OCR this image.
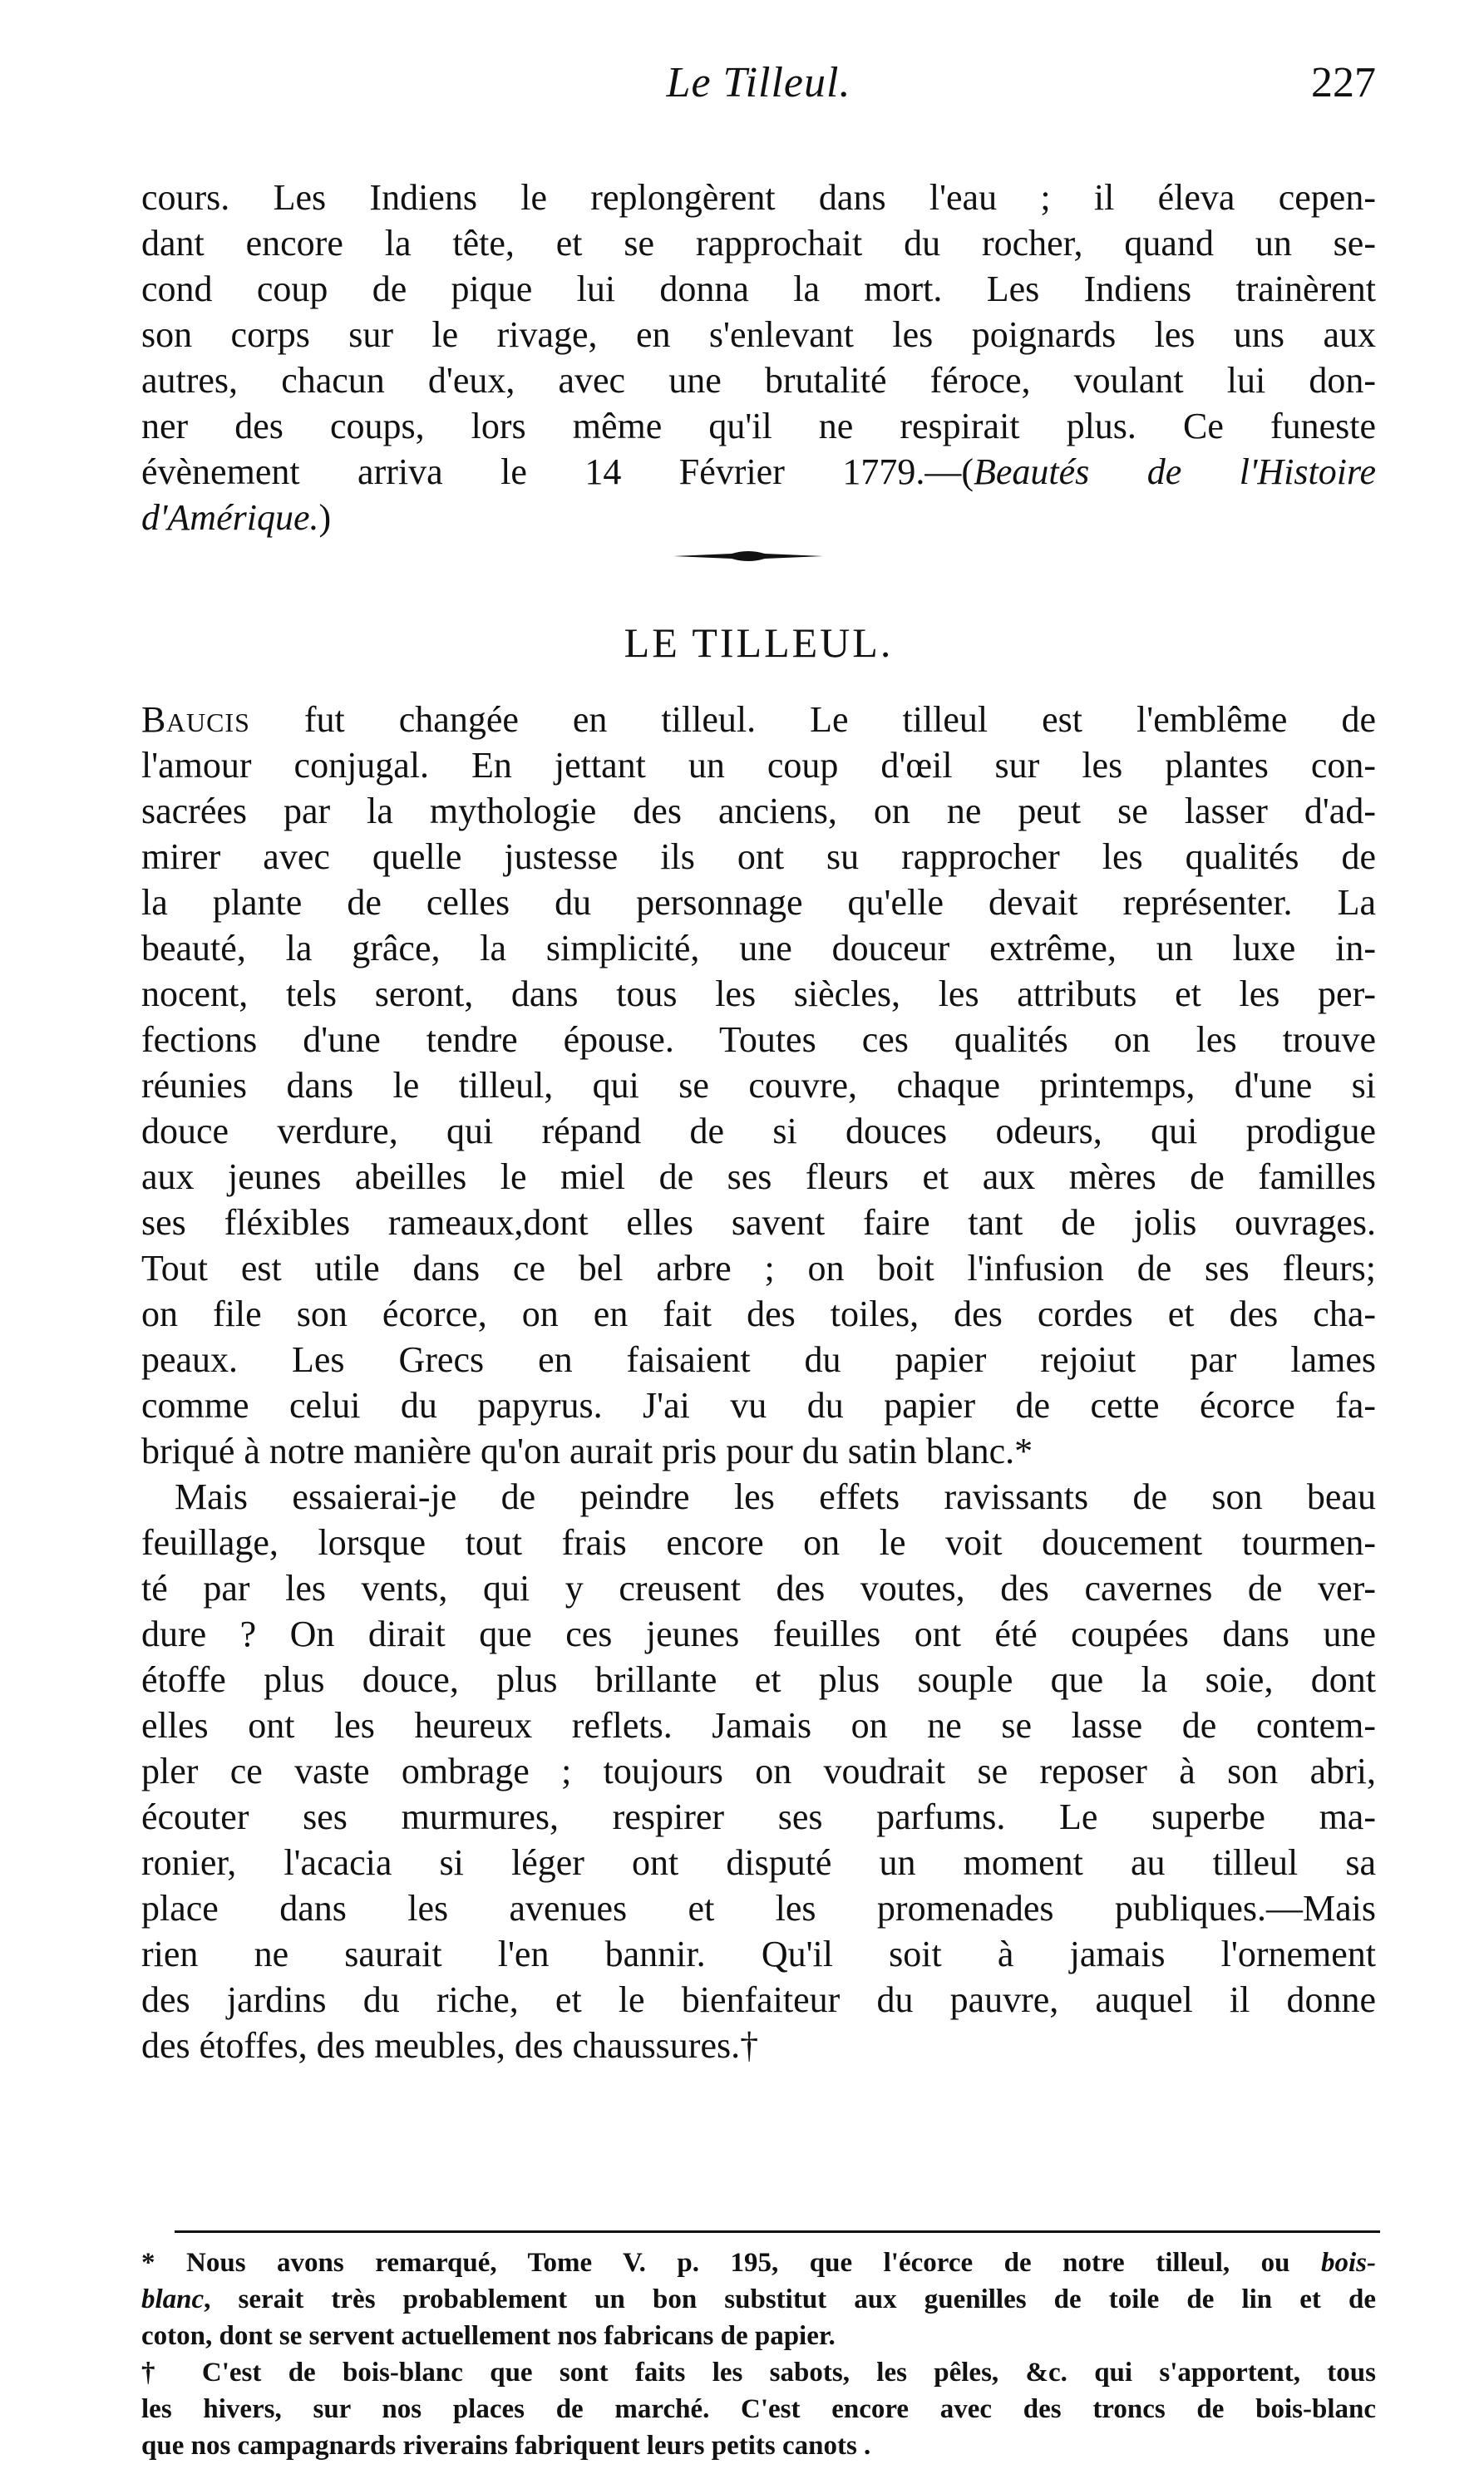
Le Tilleul.	227
cours. Les Indiens le replongèrent dans l'eau ; il éleva cepen-
dant encore la tête, et se rapprochait du rocher, quand un se-
cond coup de pique lui donna la mort. Les Indiens trainèrent
son corps sur le rivage, en s'enlevant les poignards les uns aux
autres, chacun d'eux, avec une brutalité féroce, voulant lui don-
ner des coups, lors même qu'il ne respirait plus. Ce funeste
évènement arriva le 14 Février 1779.—(Beautés de l'Histoire
d'Amérique.)
LE TILLEUL.
BAUCIS fut changée en tilleul. Le tilleul est l'emblême de
l'amour conjugal. En jettant un coup d'œil sur les plantes con-
sacrées par la mythologie des anciens, on ne peut se lasser d'ad-
mirer avec quelle justesse ils ont su rapprocher les qualités de
la plante de celles du personnage qu'elle devait représenter. La
beauté, la grâce, la simplicité, une douceur extrême, un luxe in-
nocent, tels seront, dans tous les siècles, les attributs et les per-
fections d'une tendre épouse. Toutes ces qualités on les trouve
réunies dans le tilleul, qui se couvre, chaque printemps, d'une si
douce verdure, qui répand de si douces odeurs, qui prodigue
aux jeunes abeilles le miel de ses fleurs et aux mères de familles
ses fléxibles rameaux,dont elles savent faire tant de jolis ouvrages.
Tout est utile dans ce bel arbre ; on boit l'infusion de ses fleurs;
on file son écorce, on en fait des toiles, des cordes et des cha-
peaux. Les Grecs en faisaient du papier rejoiut par lames
comme celui du papyrus. J'ai vu du papier de cette écorce fa-
briqué à notre manière qu'on aurait pris pour du satin blanc.*
Mais essaierai-je de peindre les effets ravissants de son beau
feuillage, lorsque tout frais encore on le voit doucement tourmen-
té par les vents, qui y creusent des voutes, des cavernes de ver-
dure ? On dirait que ces jeunes feuilles ont été coupées dans une
étoffe plus douce, plus brillante et plus souple que la soie, dont
elles ont les heureux reflets. Jamais on ne se lasse de contem-
pler ce vaste ombrage ; toujours on voudrait se reposer à son abri,
écouter ses murmures, respirer ses parfums. Le superbe ma-
ronier, l'acacia si léger ont disputé un moment au tilleul sa
place dans les avenues et les promenades publiques.—Mais
rien ne saurait l'en bannir. Qu'il soit à jamais l'ornement
des jardins du riche, et le bienfaiteur du pauvre, auquel il donne
des étoffes, des meubles, des chaussures.†
* Nous avons remarqué, Tome V. p. 195, que l'écorce de notre tilleul, ou bois-
blanc, serait très probablement un bon substitut aux guenilles de toile de lin et de
coton, dont se servent actuellement nos fabricans de papier.
† C'est de bois-blanc que sont faits les sabots, les pêles, &c. qui s'apportent, tous
les hivers, sur nos places de marché. C'est encore avec des troncs de bois-blanc
que nos campagnards riverains fabriquent leurs petits canots .
